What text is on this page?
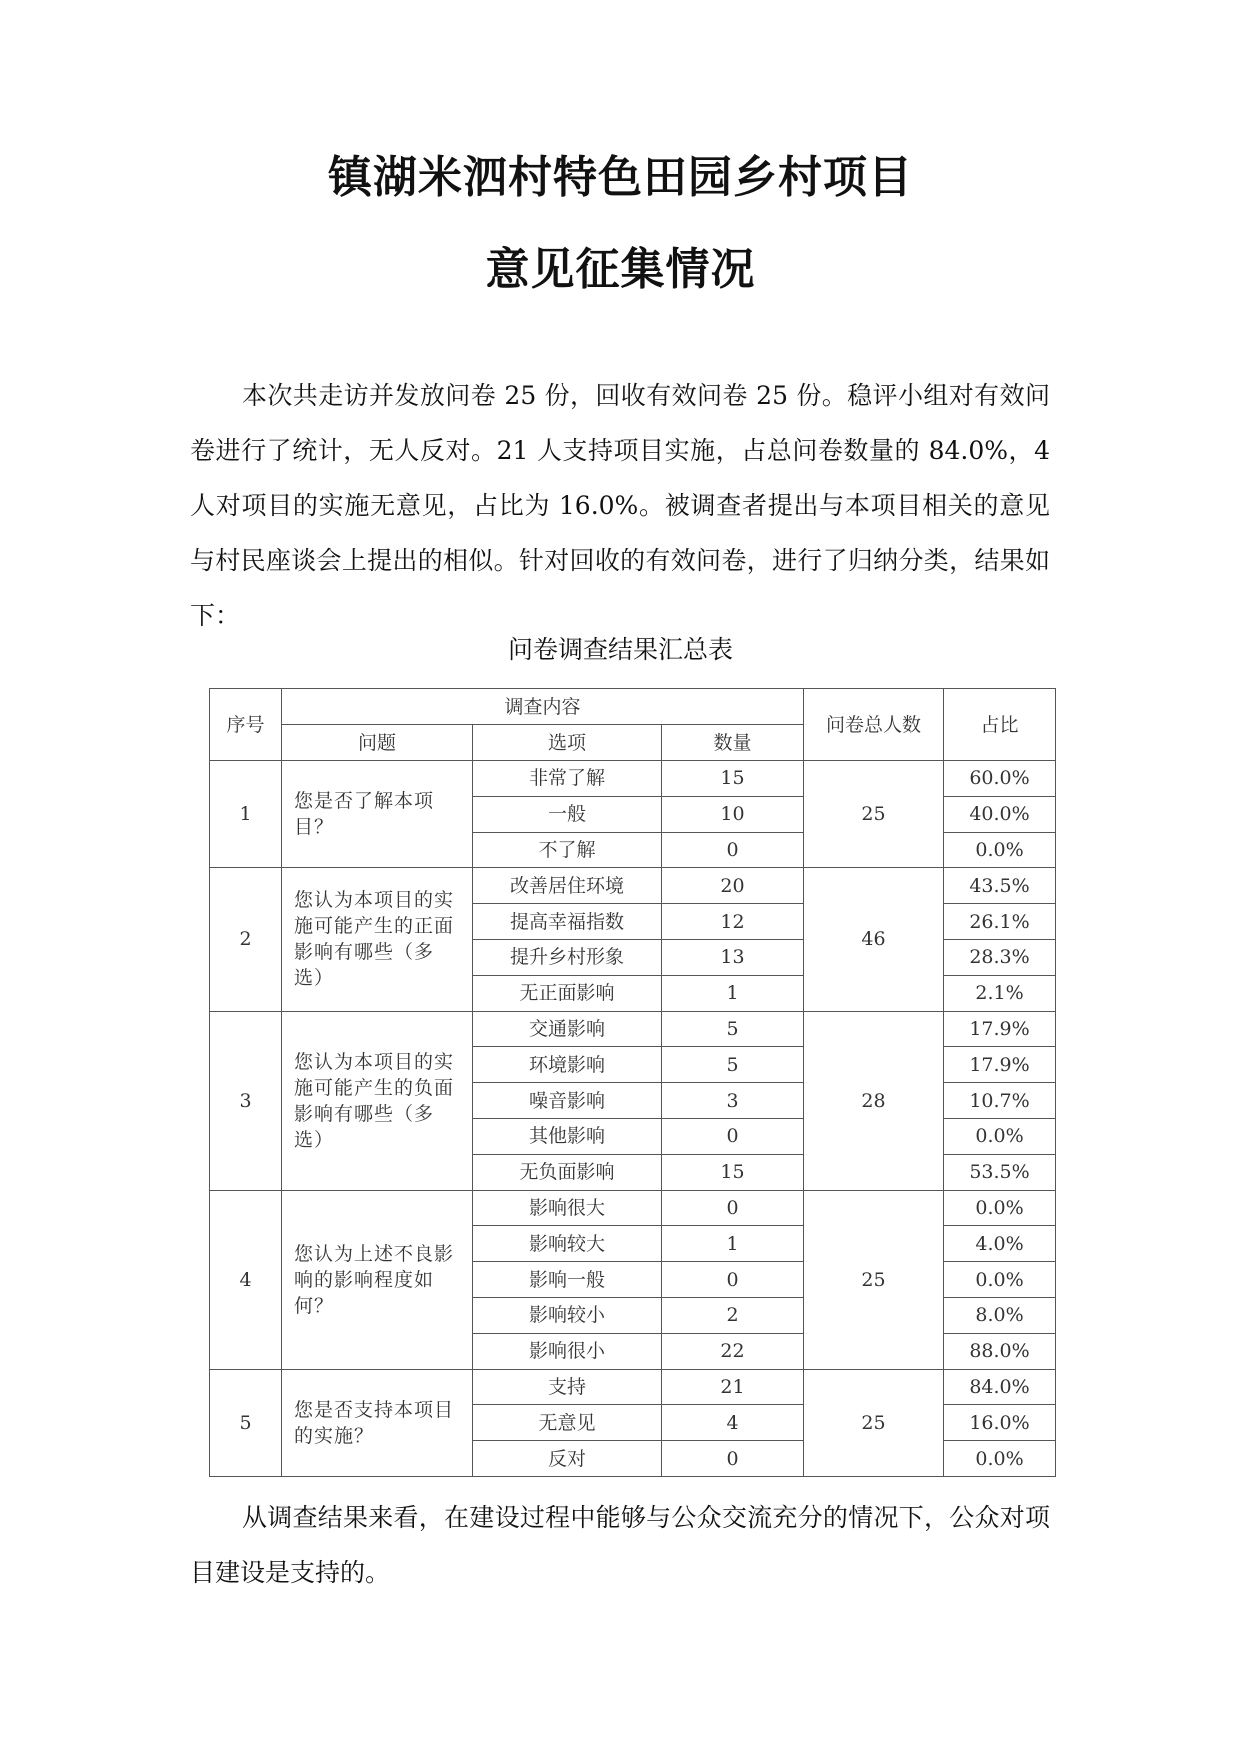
镇湖米泗村特色田园乡村项目
意见征集情况

本次共走访并发放问卷 25 份，回收有效问卷 25 份。稳评小组对有效问卷进行了统计，无人反对。21 人支持项目实施，占总问卷数量的 84.0%，4 人对项目的实施无意见，占比为 16.0%。被调查者提出与本项目相关的意见与村民座谈会上提出的相似。针对回收的有效问卷，进行了归纳分类，结果如下：

问卷调查结果汇总表
序号	调查内容			问卷总人数	占比
	问题	选项	数量		
1	您是否了解本项目？	非常了解	15	25	60.0%
		一般	10		40.0%
		不了解	0		0.0%
2	您认为本项目的实施可能产生的正面影响有哪些（多选）	改善居住环境	20	46	43.5%
		提高幸福指数	12		26.1%
		提升乡村形象	13		28.3%
		无正面影响	1		2.1%
3	您认为本项目的实施可能产生的负面影响有哪些（多选）	交通影响	5	28	17.9%
		环境影响	5		17.9%
		噪音影响	3		10.7%
		其他影响	0		0.0%
		无负面影响	15		53.5%
4	您认为上述不良影响的影响程度如何？	影响很大	0	25	0.0%
		影响较大	1		4.0%
		影响一般	0		0.0%
		影响较小	2		8.0%
		影响很小	22		88.0%
5	您是否支持本项目的实施？	支持	21	25	84.0%
		无意见	4		16.0%
		反对	0		0.0%

从调查结果来看，在建设过程中能够与公众交流充分的情况下，公众对项目建设是支持的。
